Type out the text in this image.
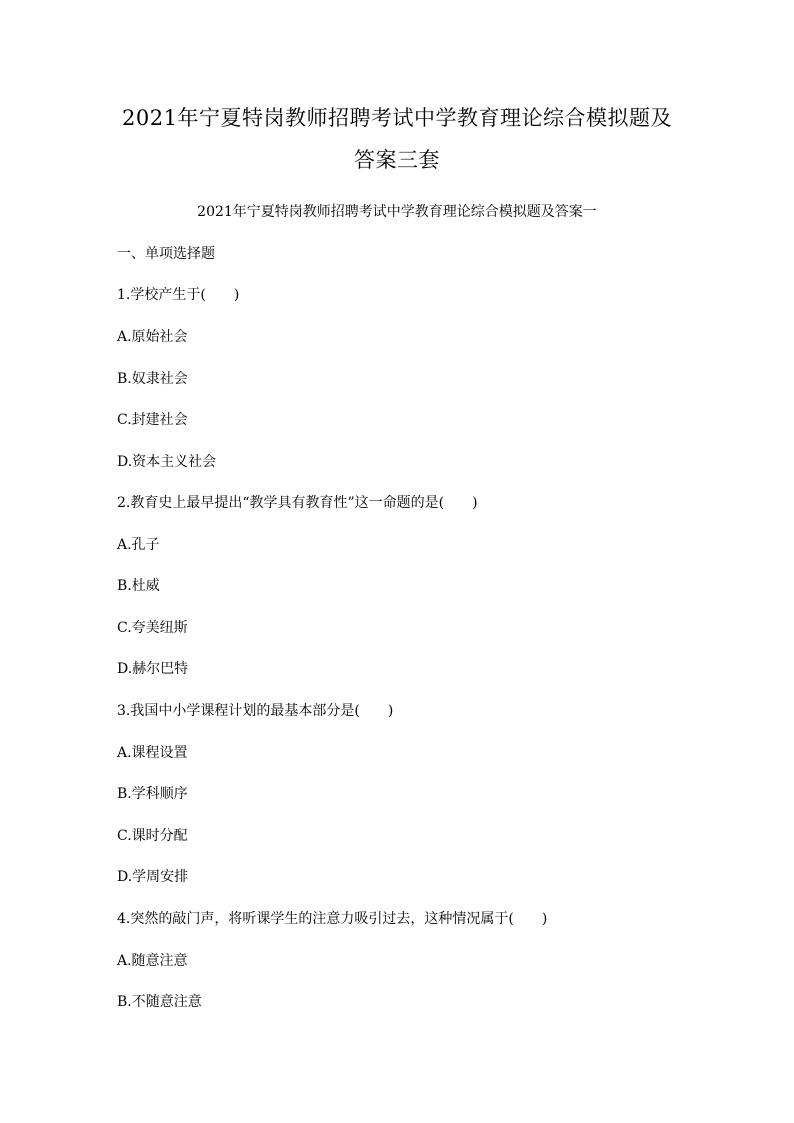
2021年宁夏特岗教师招聘考试中学教育理论综合模拟题及
答案三套
2021年宁夏特岗教师招聘考试中学教育理论综合模拟题及答案一
一、单项选择题
1.学校产生于(　　)
A.原始社会
B.奴隶社会
C.封建社会
D.资本主义社会
2.教育史上最早提出“教学具有教育性”这一命题的是(　　)
A.孔子
B.杜威
C.夸美纽斯
D.赫尔巴特
3.我国中小学课程计划的最基本部分是(　　)
A.课程设置
B.学科顺序
C.课时分配
D.学周安排
4.突然的敲门声，将听课学生的注意力吸引过去，这种情况属于(　　)
A.随意注意
B.不随意注意
